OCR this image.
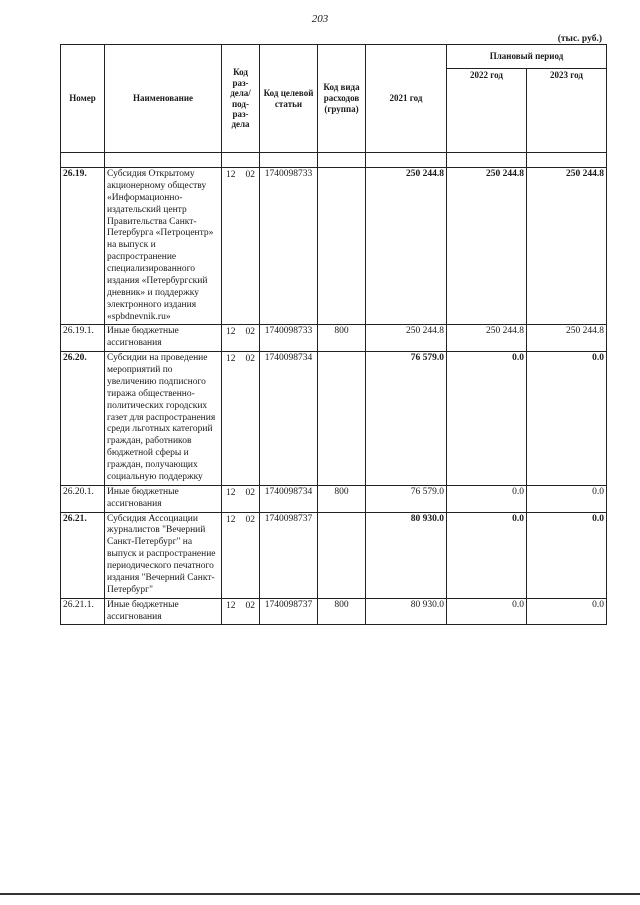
203
(тыс. руб.)
Номер	Наименование	Код раз-дела/ под-раз-дела	Код целевой статьи	Код вида расходов (группа)	2021 год	Плановый период	
						2022 год	2023 год

26.19.	Субсидия Открытому акционерному обществу «Информационно-издательский центр Правительства Санкт-Петербурга «Петроцентр» на выпуск и распространение специализированного издания «Петербургский дневник» и поддержку электронного издания «spbdnevnik.ru»	12 02	1740098733		250 244.8	250 244.8	250 244.8
26.19.1.	Иные бюджетные ассигнования	12 02	1740098733	800	250 244.8	250 244.8	250 244.8
26.20.	Субсидии на проведение мероприятий по увеличению подписного тиража общественно-политических городских газет для распространения среди льготных категорий граждан, работников бюджетной сферы и граждан, получающих социальную поддержку	12 02	1740098734		76 579.0	0.0	0.0
26.20.1.	Иные бюджетные ассигнования	12 02	1740098734	800	76 579.0	0.0	0.0
26.21.	Субсидия Ассоциации журналистов "Вечерний Санкт-Петербург" на выпуск и распространение периодического печатного издания "Вечерний Санкт-Петербург"	12 02	1740098737		80 930.0	0.0	0.0
26.21.1.	Иные бюджетные ассигнования	12 02	1740098737	800	80 930.0	0.0	0.0
